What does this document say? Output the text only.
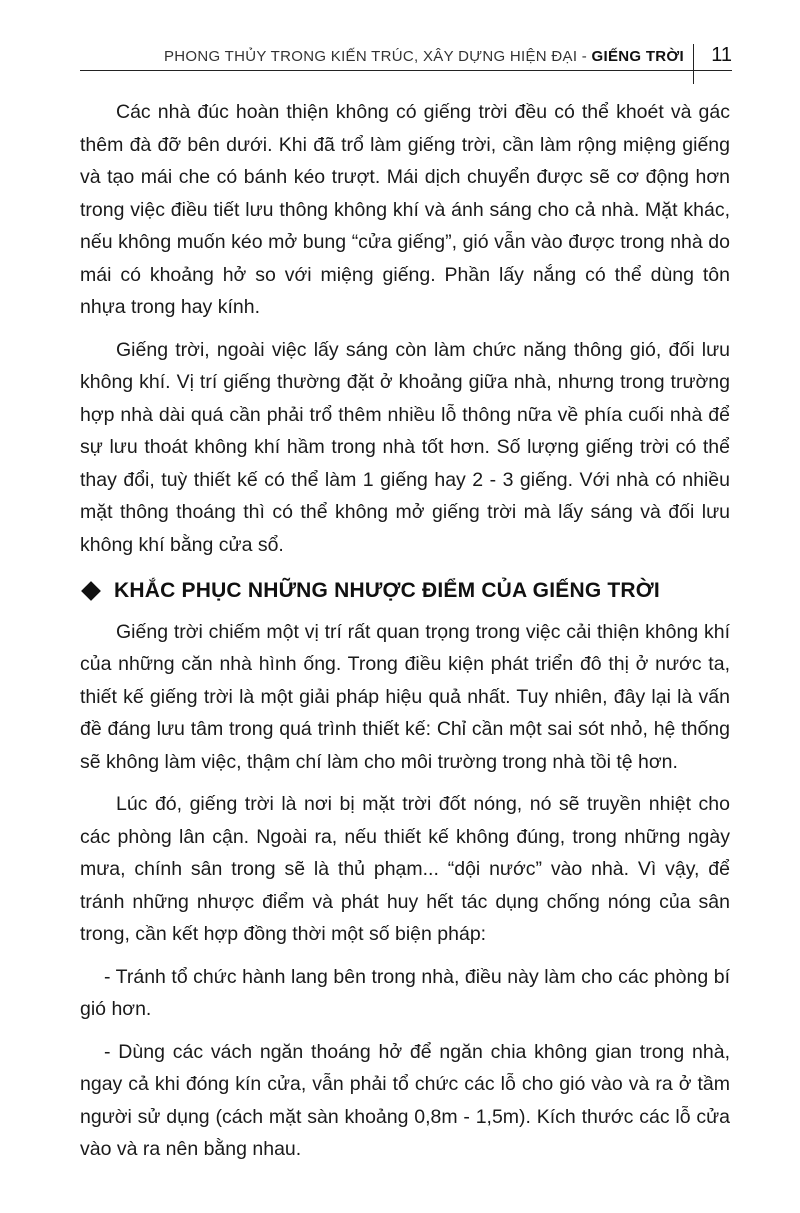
PHONG THỦY TRONG KIẾN TRÚC, XÂY DỰNG HIỆN ĐẠI - GIẾNG TRỜI 11

Các nhà đúc hoàn thiện không có giếng trời đều có thể khoét và gác thêm đà đỡ bên dưới. Khi đã trổ làm giếng trời, cần làm rộng miệng giếng và tạo mái che có bánh kéo trượt. Mái dịch chuyển được sẽ cơ động hơn trong việc điều tiết lưu thông không khí và ánh sáng cho cả nhà. Mặt khác, nếu không muốn kéo mở bung “cửa giếng”, gió vẫn vào được trong nhà do mái có khoảng hở so với miệng giếng. Phần lấy nắng có thể dùng tôn nhựa trong hay kính.

Giếng trời, ngoài việc lấy sáng còn làm chức năng thông gió, đối lưu không khí. Vị trí giếng thường đặt ở khoảng giữa nhà, nhưng trong trường hợp nhà dài quá cần phải trổ thêm nhiều lỗ thông nữa về phía cuối nhà để sự lưu thoát không khí hầm trong nhà tốt hơn. Số lượng giếng trời có thể thay đổi, tuỳ thiết kế có thể làm 1 giếng hay 2 - 3 giếng. Với nhà có nhiều mặt thông thoáng thì có thể không mở giếng trời mà lấy sáng và đối lưu không khí bằng cửa sổ.

KHẮC PHỤC NHỮNG NHƯỢC ĐIỂM CỦA GIẾNG TRỜI

Giếng trời chiếm một vị trí rất quan trọng trong việc cải thiện không khí của những căn nhà hình ống. Trong điều kiện phát triển đô thị ở nước ta, thiết kế giếng trời là một giải pháp hiệu quả nhất. Tuy nhiên, đây lại là vấn đề đáng lưu tâm trong quá trình thiết kế: Chỉ cần một sai sót nhỏ, hệ thống sẽ không làm việc, thậm chí làm cho môi trường trong nhà tồi tệ hơn.

Lúc đó, giếng trời là nơi bị mặt trời đốt nóng, nó sẽ truyền nhiệt cho các phòng lân cận. Ngoài ra, nếu thiết kế không đúng, trong những ngày mưa, chính sân trong sẽ là thủ phạm... “dội nước” vào nhà. Vì vậy, để tránh những nhược điểm và phát huy hết tác dụng chống nóng của sân trong, cần kết hợp đồng thời một số biện pháp:

- Tránh tổ chức hành lang bên trong nhà, điều này làm cho các phòng bí gió hơn.

- Dùng các vách ngăn thoáng hở để ngăn chia không gian trong nhà, ngay cả khi đóng kín cửa, vẫn phải tổ chức các lỗ cho gió vào và ra ở tầm người sử dụng (cách mặt sàn khoảng 0,8m - 1,5m). Kích thước các lỗ cửa vào và ra nên bằng nhau.
